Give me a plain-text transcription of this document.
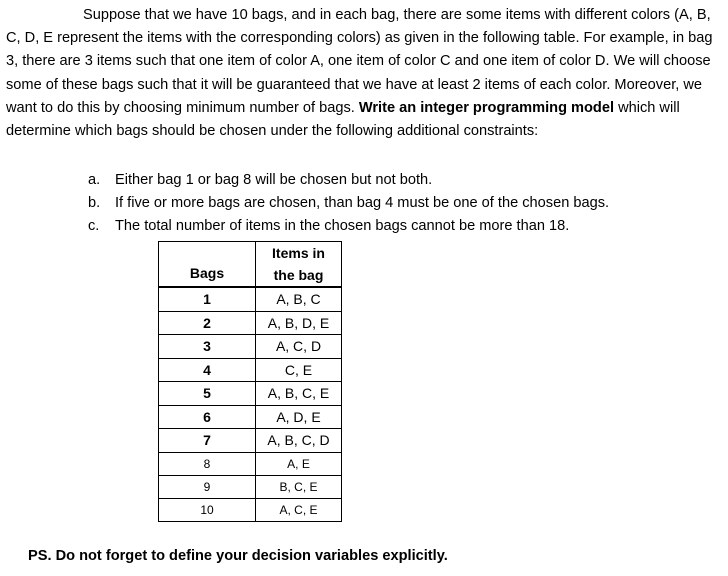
Suppose that we have 10 bags, and in each bag, there are some items with different colors (A, B, C, D, E represent the items with the corresponding colors) as given in the following table. For example, in bag 3, there are 3 items such that one item of color A, one item of color C and one item of color D. We will choose some of these bags such that it will be guaranteed that we have at least 2 items of each color. Moreover, we want to do this by choosing minimum number of bags. Write an integer programming model which will determine which bags should be chosen under the following additional constraints:

a. Either bag 1 or bag 8 will be chosen but not both.
b. If five or more bags are chosen, than bag 4 must be one of the chosen bags.
c. The total number of items in the chosen bags cannot be more than 18.
Bags	Items in
the bag

1	A, B, C
2	A, B, D, E
3	A, C, D
4	C, E
5	A, B, C, E
6	A, D, E
7	A, B, C, D
8	A, E
9	B, C, E
10	A, C, E
PS. Do not forget to define your decision variables explicitly.
